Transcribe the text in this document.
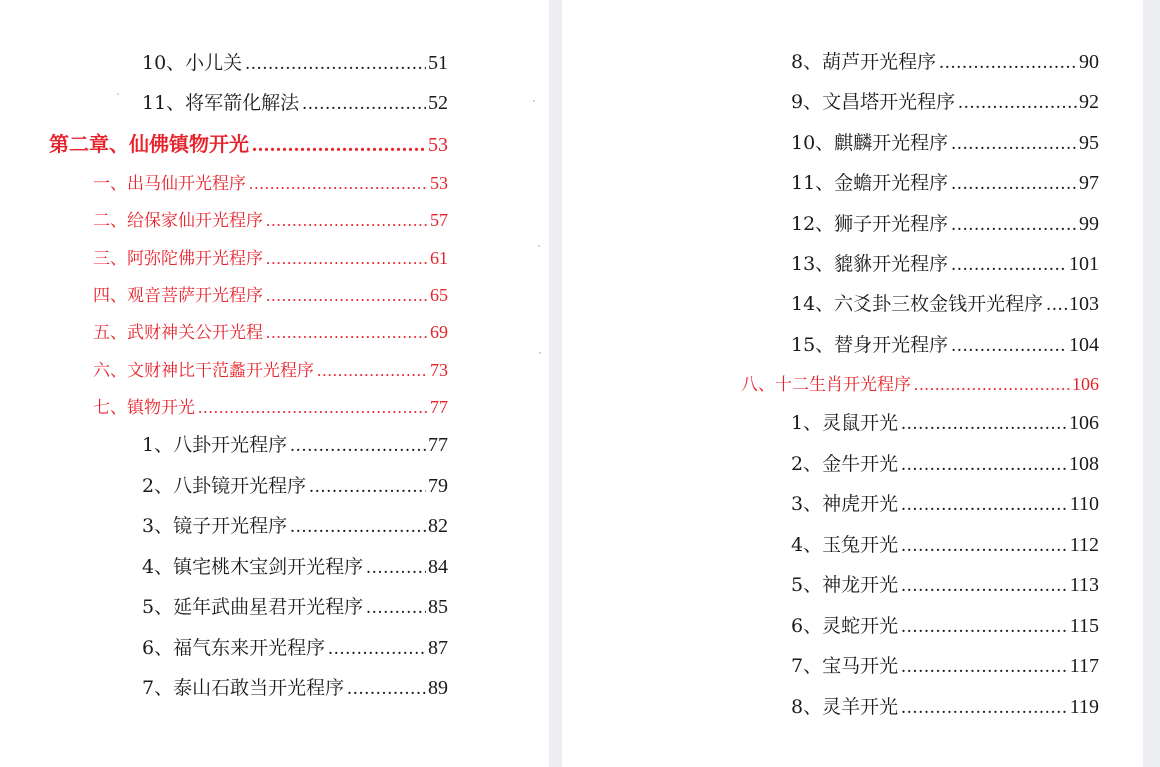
10、小儿关 .....	51
11、将军箭化解法 .....	52
第二章、仙佛镇物开光 .....	53
一、出马仙开光程序 .....	53
二、给保家仙开光程序 .....	57
三、阿弥陀佛开光程序 .....	61
四、观音菩萨开光程序 .....	65
五、武财神关公开光程 .....	69
六、文财神比干范蠡开光程序 .....	73
七、镇物开光 .....	77
1、八卦开光程序 .....	77
2、八卦镜开光程序 .....	79
3、镜子开光程序 .....	82
4、镇宅桃木宝剑开光程序 .....	84
5、延年武曲星君开光程序 .....	85
6、福气东来开光程序 .....	87
7、泰山石敢当开光程序 .....	89
8、葫芦开光程序 .....	90
9、文昌塔开光程序 .....	92
10、麒麟开光程序 .....	95
11、金蟾开光程序 .....	97
12、狮子开光程序 .....	99
13、貔貅开光程序 .....	101
14、六爻卦三枚金钱开光程序 ..... 103
15、替身开光程序 .....	104
八、十二生肖开光程序 .....	106
1、灵鼠开光 .....	106
2、金牛开光 .....	108
3、神虎开光 .....	110
4、玉兔开光 .....	112
5、神龙开光 .....	113
6、灵蛇开光 .....	115
7、宝马开光 .....	117
8、灵羊开光 .....	119
